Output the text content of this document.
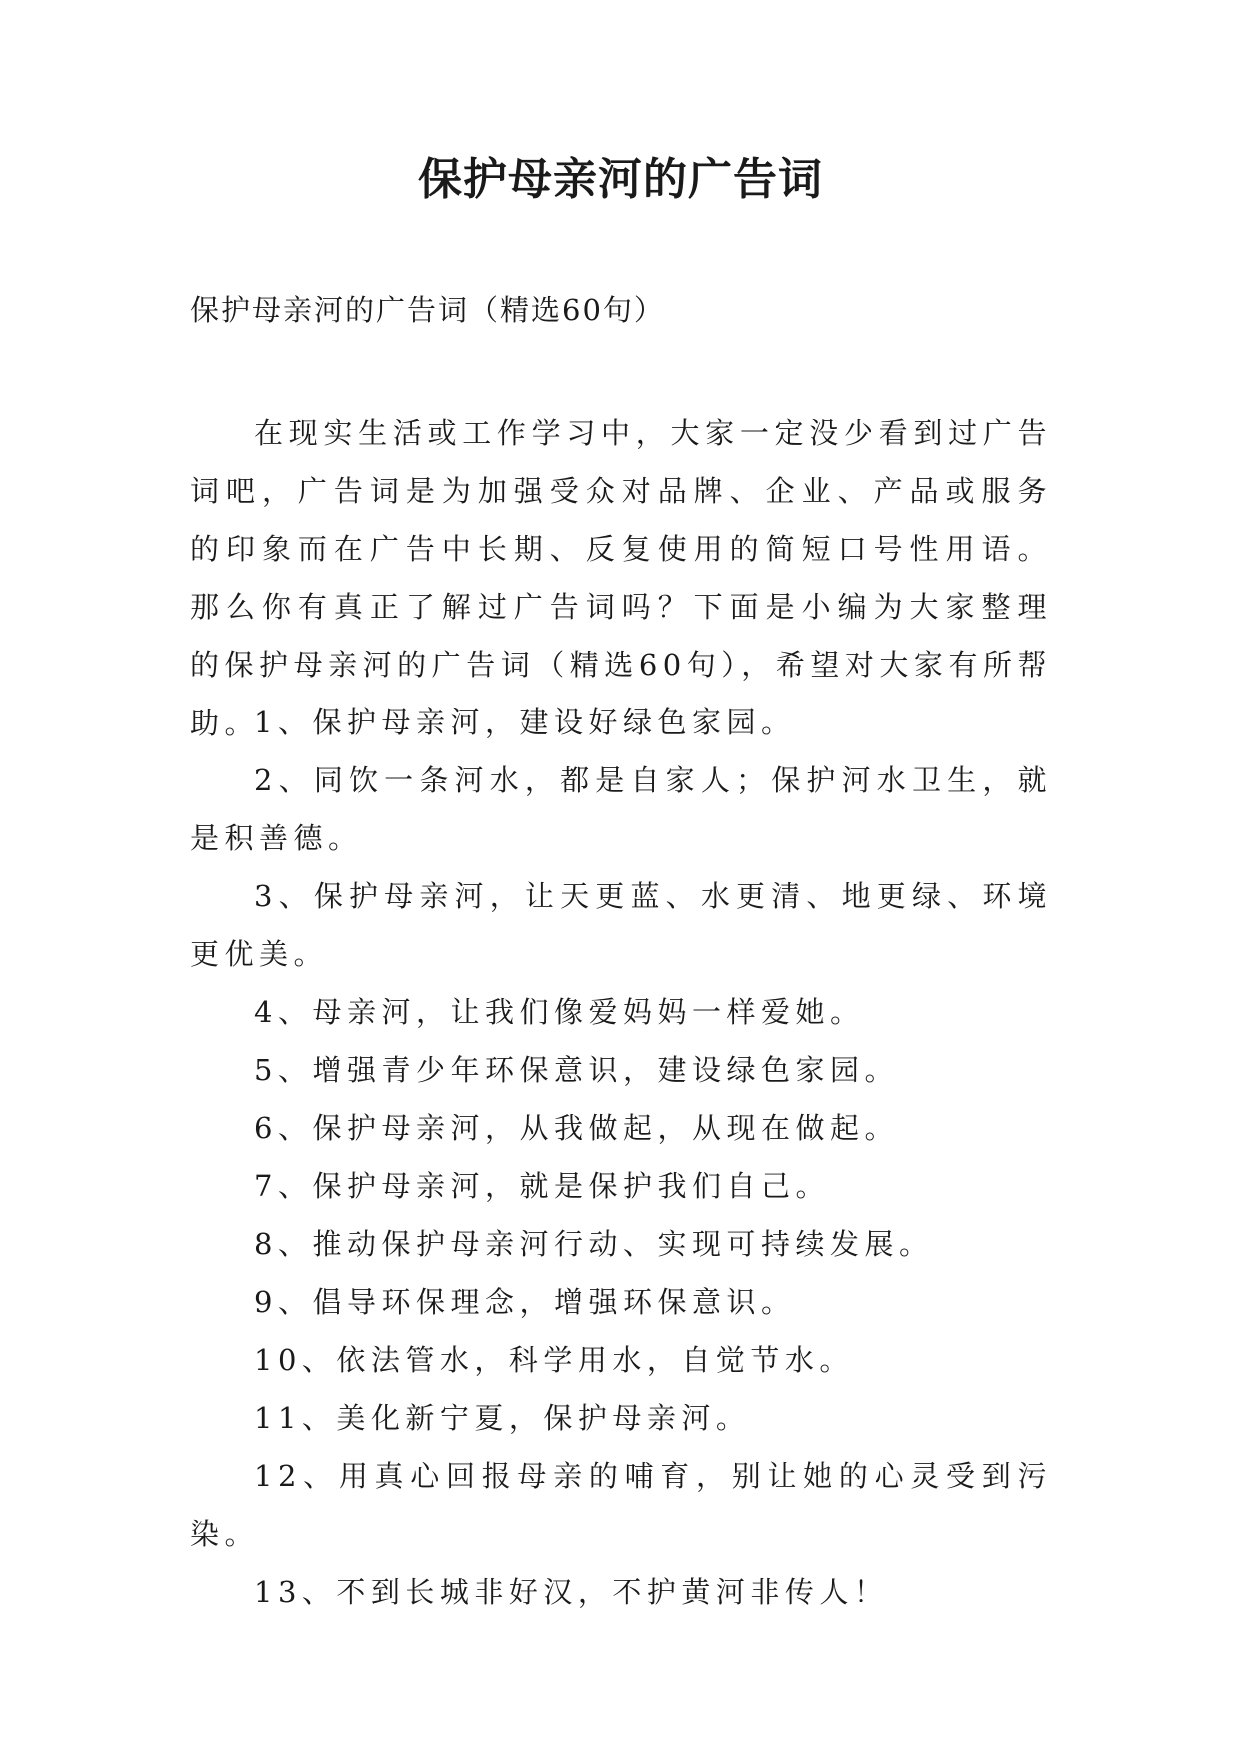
保护母亲河的广告词
保护母亲河的广告词（精选60句）

在现实生活或工作学习中，大家一定没少看到过广告词吧，广告词是为加强受众对品牌、企业、产品或服务的印象而在广告中长期、反复使用的简短口号性用语。那么你有真正了解过广告词吗？下面是小编为大家整理的保护母亲河的广告词（精选60句），希望对大家有所帮助。

1、保护母亲河，建设好绿色家园。

2、同饮一条河水，都是自家人；保护河水卫生，就是积善德。

3、保护母亲河，让天更蓝、水更清、地更绿、环境更优美。

4、母亲河，让我们像爱妈妈一样爱她。

5、增强青少年环保意识，建设绿色家园。

6、保护母亲河，从我做起，从现在做起。

7、保护母亲河，就是保护我们自己。

8、推动保护母亲河行动、实现可持续发展。

9、倡导环保理念，增强环保意识。

10、依法管水，科学用水，自觉节水。

11、美化新宁夏，保护母亲河。

12、用真心回报母亲的哺育，别让她的心灵受到污染。

13、不到长城非好汉，不护黄河非传人！
